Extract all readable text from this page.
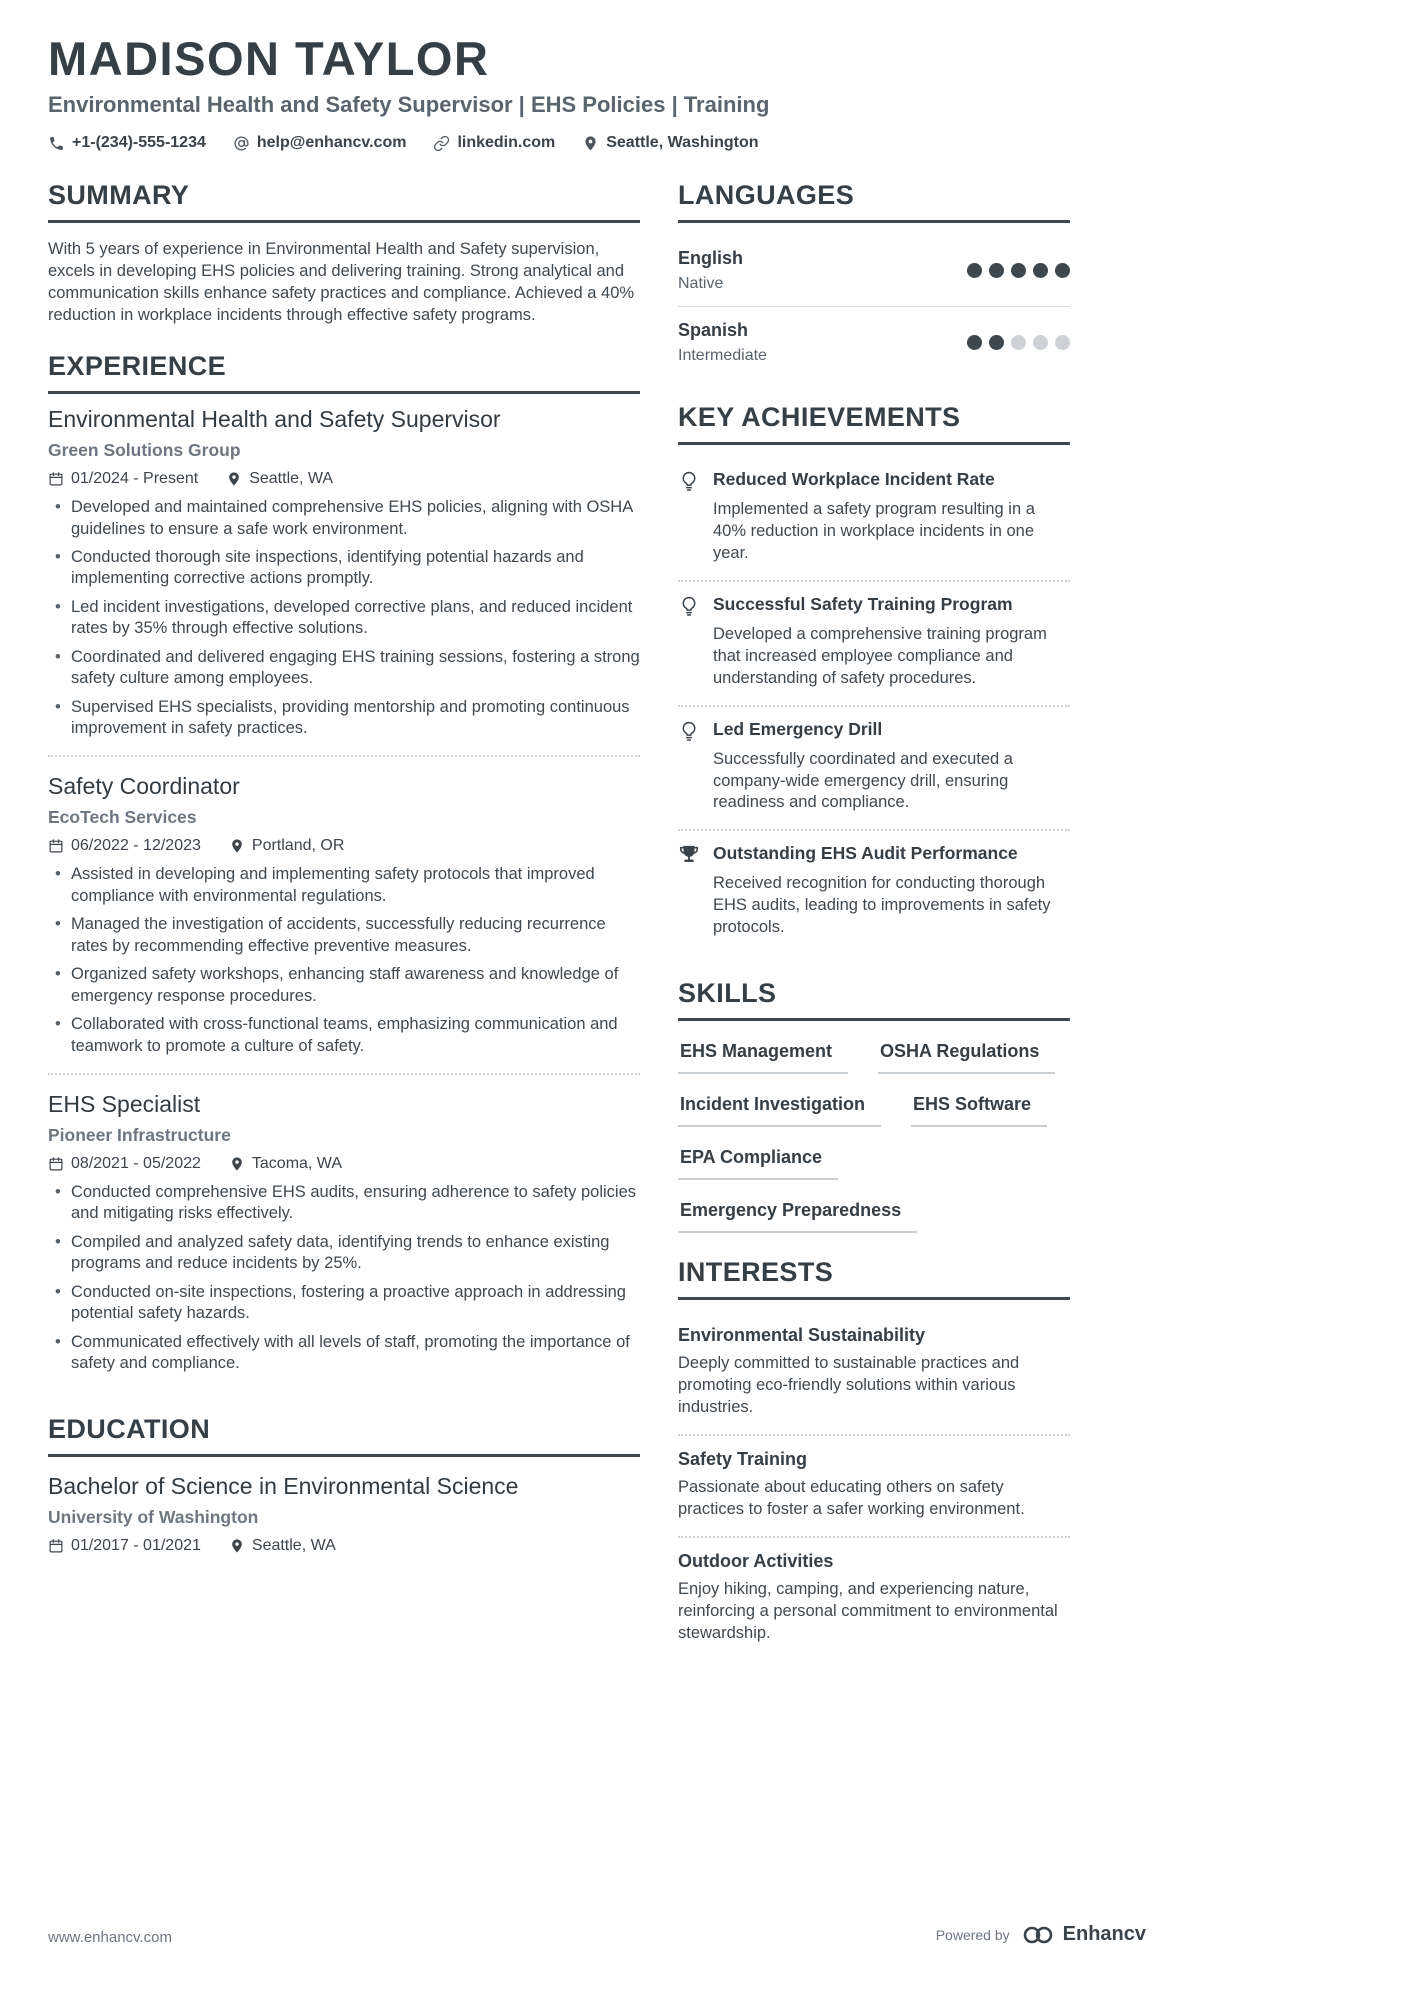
MADISON TAYLOR
Environmental Health and Safety Supervisor | EHS Policies | Training
+1-(234)-555-1234	help@enhancv.com	linkedin.com	Seattle, Washington
SUMMARY

With 5 years of experience in Environmental Health and Safety supervision, excels in developing EHS policies and delivering training. Strong analytical and communication skills enhance safety practices and compliance. Achieved a 40% reduction in workplace incidents through effective safety programs.

EXPERIENCE
Environmental Health and Safety Supervisor
Green Solutions Group
01/2024 - Present	Seattle, WA
• Developed and maintained comprehensive EHS policies, aligning with OSHA guidelines to ensure a safe work environment.
• Conducted thorough site inspections, identifying potential hazards and implementing corrective actions promptly.
• Led incident investigations, developed corrective plans, and reduced incident rates by 35% through effective solutions.
• Coordinated and delivered engaging EHS training sessions, fostering a strong safety culture among employees.
• Supervised EHS specialists, providing mentorship and promoting continuous improvement in safety practices.
Safety Coordinator
EcoTech Services
06/2022 - 12/2023	Portland, OR
• Assisted in developing and implementing safety protocols that improved compliance with environmental regulations.
• Managed the investigation of accidents, successfully reducing recurrence rates by recommending effective preventive measures.
• Organized safety workshops, enhancing staff awareness and knowledge of emergency response procedures.
• Collaborated with cross-functional teams, emphasizing communication and teamwork to promote a culture of safety.
EHS Specialist
Pioneer Infrastructure
08/2021 - 05/2022	Tacoma, WA
• Conducted comprehensive EHS audits, ensuring adherence to safety policies and mitigating risks effectively.
• Compiled and analyzed safety data, identifying trends to enhance existing programs and reduce incidents by 25%.
• Conducted on-site inspections, fostering a proactive approach in addressing potential safety hazards.
• Communicated effectively with all levels of staff, promoting the importance of safety and compliance.
EDUCATION
Bachelor of Science in Environmental Science
University of Washington
01/2017 - 01/2021	Seattle, WA
LANGUAGES
English
Native
Spanish
Intermediate
KEY ACHIEVEMENTS
Reduced Workplace Incident Rate
Implemented a safety program resulting in a 40% reduction in workplace incidents in one year.
Successful Safety Training Program
Developed a comprehensive training program that increased employee compliance and understanding of safety procedures.
Led Emergency Drill
Successfully coordinated and executed a company-wide emergency drill, ensuring readiness and compliance.
Outstanding EHS Audit Performance
Received recognition for conducting thorough EHS audits, leading to improvements in safety protocols.
SKILLS
EHS Management	OSHA Regulations
Incident Investigation	EHS Software
EPA Compliance
Emergency Preparedness
INTERESTS
Environmental Sustainability
Deeply committed to sustainable practices and promoting eco-friendly solutions within various industries.
Safety Training
Passionate about educating others on safety practices to foster a safer working environment.
Outdoor Activities
Enjoy hiking, camping, and experiencing nature, reinforcing a personal commitment to environmental stewardship.
www.enhancv.com	Powered by	Enhancv
